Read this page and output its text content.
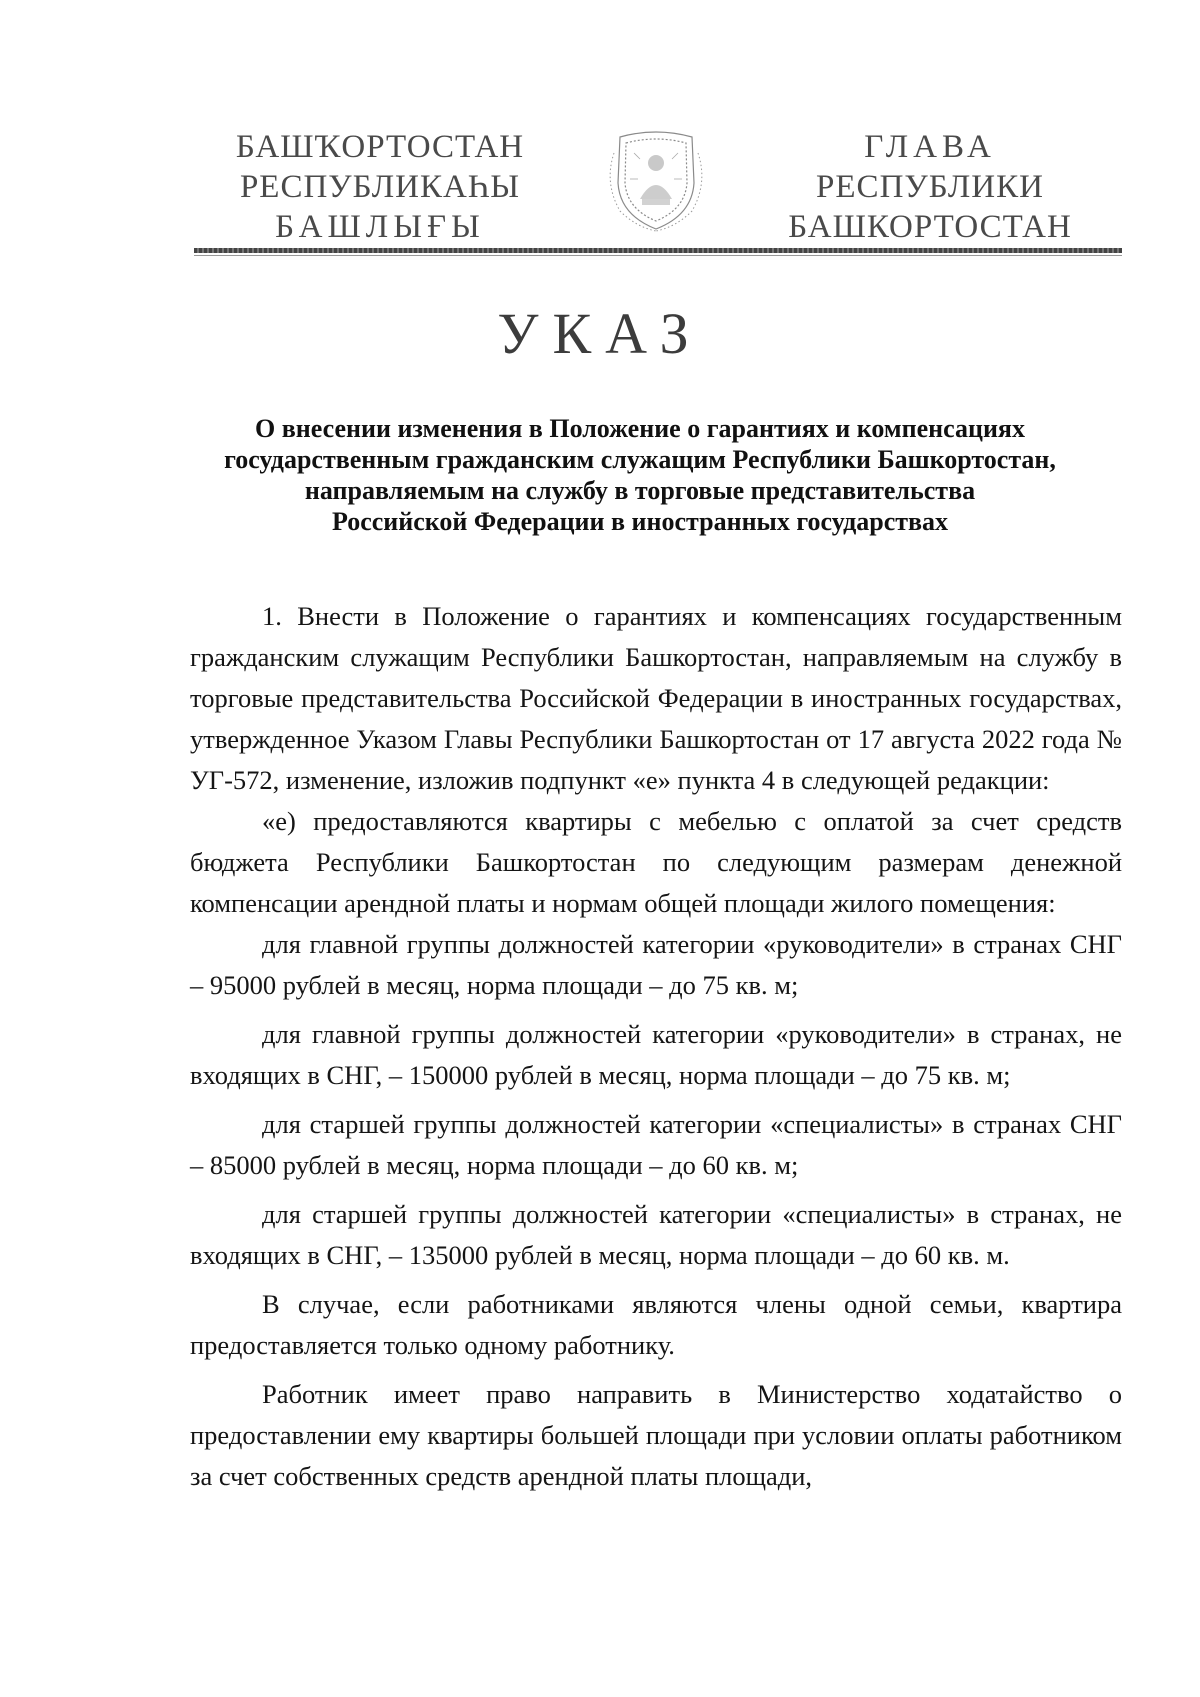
БАШҠОРТОСТАН
РЕСПУБЛИКАҺЫ
БАШЛЫҒЫ
ГЛАВА
РЕСПУБЛИКИ
БАШКОРТОСТАН
УКАЗ
О внесении изменения в Положение о гарантиях и компенсациях
государственным гражданским служащим Республики Башкортостан,
направляемым на службу в торговые представительства
Российской Федерации в иностранных государствах

1. Внести в Положение о гарантиях и компенсациях государственным гражданским служащим Республики Башкортостан, направляемым на службу в торговые представительства Российской Федерации в иностранных государствах, утвержденное Указом Главы Республики Башкортостан от 17 августа 2022 года № УГ-572, изменение, изложив подпункт «е» пункта 4 в следующей редакции:

«е) предоставляются квартиры с мебелью с оплатой за счет средств бюджета Республики Башкортостан по следующим размерам денежной компенсации арендной платы и нормам общей площади жилого помещения:

для главной группы должностей категории «руководители» в странах СНГ – 95000 рублей в месяц, норма площади – до 75 кв. м;

для главной группы должностей категории «руководители» в странах, не входящих в СНГ, – 150000 рублей в месяц, норма площади – до 75 кв. м;

для старшей группы должностей категории «специалисты» в странах СНГ – 85000 рублей в месяц, норма площади – до 60 кв. м;

для старшей группы должностей категории «специалисты» в странах, не входящих в СНГ, – 135000 рублей в месяц, норма площади – до 60 кв. м.

В случае, если работниками являются члены одной семьи, квартира предоставляется только одному работнику.

Работник имеет право направить в Министерство ходатайство о предоставлении ему квартиры большей площади при условии оплаты работником за счет собственных средств арендной платы площади,
